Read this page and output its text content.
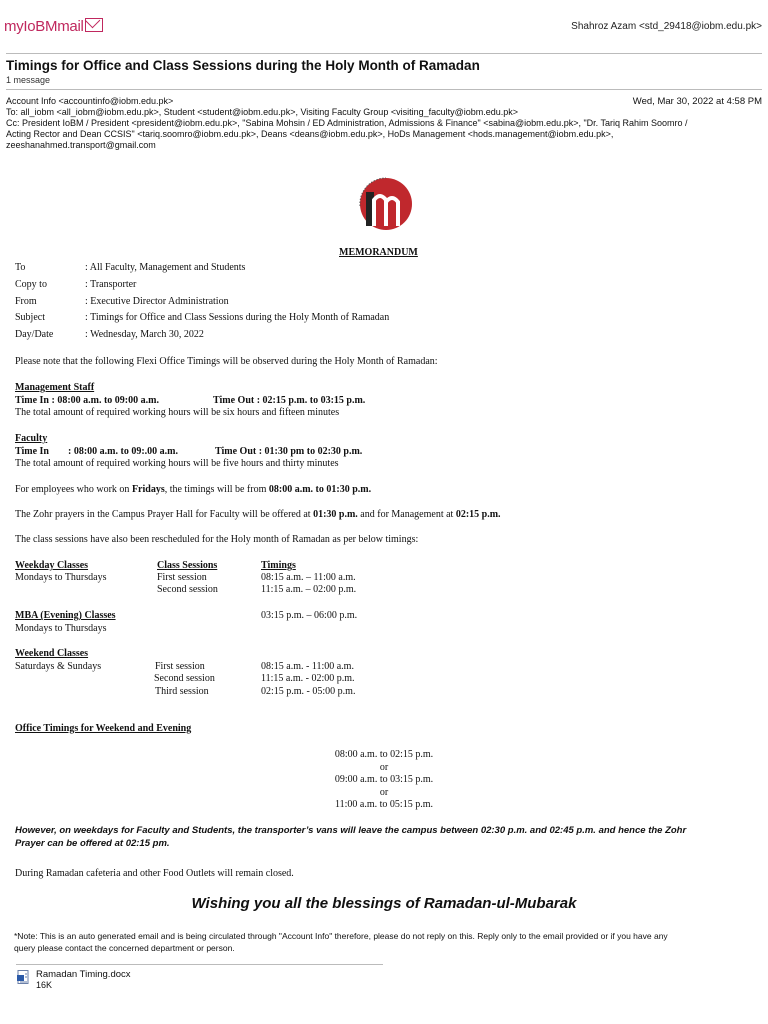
myIoBMmail	Shahroz Azam <std_29418@iobm.edu.pk>
Timings for Office and Class Sessions during the Holy Month of Ramadan
1 message
Account Info <accountinfo@iobm.edu.pk>	Wed, Mar 30, 2022 at 4:58 PM
To: all_iobm <all_iobm@iobm.edu.pk>, Student <student@iobm.edu.pk>, Visiting Faculty Group <visiting_faculty@iobm.edu.pk>
Cc: President IoBM / President <president@iobm.edu.pk>, "Sabina Mohsin / ED Administration, Admissions & Finance" <sabina@iobm.edu.pk>, "Dr. Tariq Rahim Soomro /
Acting Rector and Dean CCSIS" <tariq.soomro@iobm.edu.pk>, Deans <deans@iobm.edu.pk>, HoDs Management <hods.management@iobm.edu.pk>,
zeeshanahmed.transport@gmail.com
MEMORANDUM
To	: All Faculty, Management and Students
Copy to	: Transporter
From	: Executive Director Administration
Subject	: Timings for Office and Class Sessions during the Holy Month of Ramadan
Day/Date	: Wednesday, March 30, 2022
Please note that the following Flexi Office Timings will be observed during the Holy Month of Ramadan:
Management Staff
Time In : 08:00 a.m. to 09:00 a.m.	Time Out : 02:15 p.m. to 03:15 p.m.
The total amount of required working hours will be six hours and fifteen minutes
Faculty
Time In : 08:00 a.m. to 09:.00 a.m.	Time Out : 01:30 pm to 02:30 p.m.
The total amount of required working hours will be five hours and thirty minutes
For employees who work on Fridays, the timings will be from 08:00 a.m. to 01:30 p.m.
The Zohr prayers in the Campus Prayer Hall for Faculty will be offered at 01:30 p.m. and for Management at 02:15 p.m.
The class sessions have also been rescheduled for the Holy month of Ramadan as per below timings:
Weekday Classes	Class Sessions	Timings
Mondays to Thursdays	First session	08:15 a.m. – 11:00 a.m.
Second session	11:15 a.m. – 02:00 p.m.
MBA (Evening) Classes	03:15 p.m. – 06:00 p.m.
Mondays to Thursdays
Weekend Classes
Saturdays & Sundays	First session	08:15 a.m. - 11:00 a.m.
Second session	11:15 a.m. - 02:00 p.m.
Third session	02:15 p.m. - 05:00 p.m.
Office Timings for Weekend and Evening
08:00 a.m. to 02:15 p.m.
or
09:00 a.m. to 03:15 p.m.
or
11:00 a.m. to 05:15 p.m.
However, on weekdays for Faculty and Students, the transporter’s vans will leave the campus between 02:30 p.m. and 02:45 p.m. and hence the Zohr
Prayer can be offered at 02:15 pm.
During Ramadan cafeteria and other Food Outlets will remain closed.
Wishing you all the blessings of Ramadan-ul-Mubarak
*Note: This is an auto generated email and is being circulated through "Account Info" therefore, please do not reply on this. Reply only to the email provided or if you have any
query please contact the concerned department or person.
Ramadan Timing.docx
16K
